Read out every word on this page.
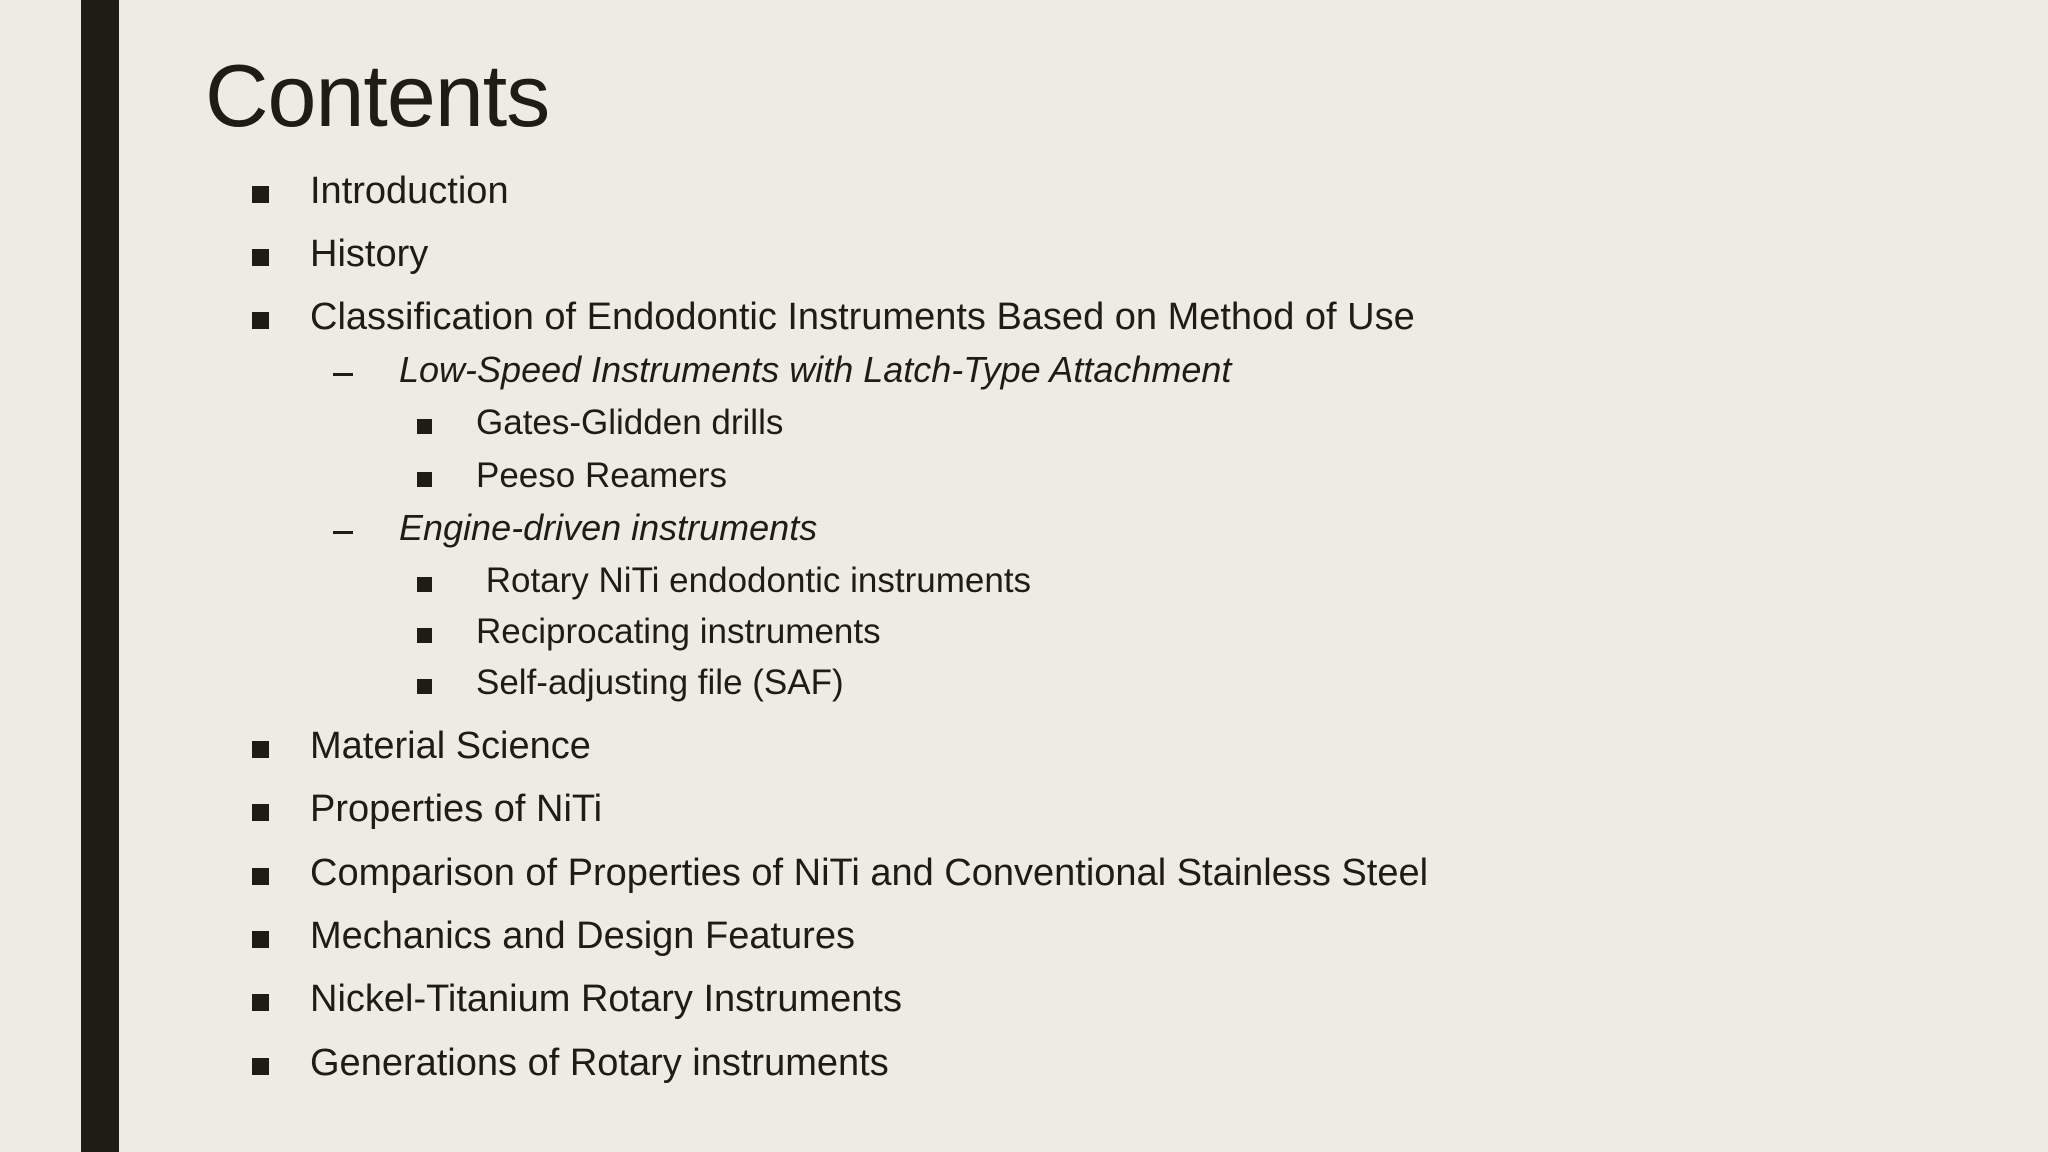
Contents
Introduction
History
Classification of Endodontic Instruments Based on Method of Use
Low-Speed Instruments with Latch-Type Attachment
Gates-Glidden drills
Peeso Reamers
Engine-driven instruments
Rotary NiTi endodontic instruments
Reciprocating instruments
Self-adjusting file (SAF)
Material Science
Properties of NiTi
Comparison of Properties of NiTi and Conventional Stainless Steel
Mechanics and Design Features
Nickel-Titanium Rotary Instruments
Generations of Rotary instruments
